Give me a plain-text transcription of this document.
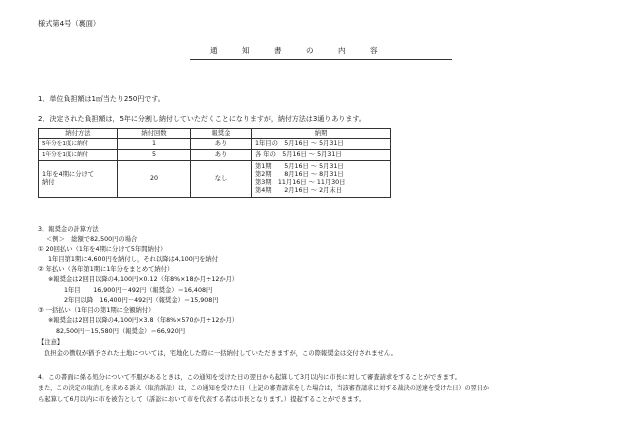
様式第4号（裏面）
通 知 書 の 内 容
1．単位負担額は1㎡当たり250円です。
2．決定された負担額は，5年に分割し納付していただくことになりますが，納付方法は3通りあります。
納付方法	納付回数	報奨金	納期
5年分を1度に納付	1	あり	1年目の　5月16日 ～ 5月31日
1年分を1度に納付	5	あり	各 年の　5月16日 ～ 5月31日

1年を4期に分けて
納付	20	なし	第1期　　5月16日 ～ 5月31日
第2期　　8月16日 ～ 8月31日
第3期　11月16日 ～ 11月30日
第4期　　2月16日 ～ 2月末日
3．報奨金の計算方法
＜例＞　総額で82,500円の場合
① 20回払い（1年を4期に分けて5年間納付）
1年目第1期に4,600円を納付し，それ以降は4,100円を納付
② 年払い（各年第1期に1年分をまとめて納付）
※報奨金は2回目以降の4,100円×0.12（年8%×18か月÷12か月）
1年目　　16,900円－492円（報奨金）＝16,408円
2年目以降　16,400円－492円（報奨金）＝15,908円
③ 一括払い（1年目の第1期に全額納付）
※報奨金は2回目以降の4,100円×3.8（年8%×570か月÷12か月）
82,500円－15,580円（報奨金）＝66,920円
【注意】
負担金の徴収が猶予された土地については，宅地化した際に一括納付していただきますが，この際報奨金は交付されません。
4．この書面に係る処分について不服があるときは，この通知を受けた日の翌日から起算して3月以内に市長に対して審査請求をすることができます。
また，この決定の取消しを求める訴え（取消訴訟）は，この通知を受けた日（上記の審査請求をした場合は，当該審査請求に対する裁決の送達を受けた日）の翌日か
ら起算して6月以内に市を被告として（訴訟において市を代表する者は市長となります。）提起することができます。
